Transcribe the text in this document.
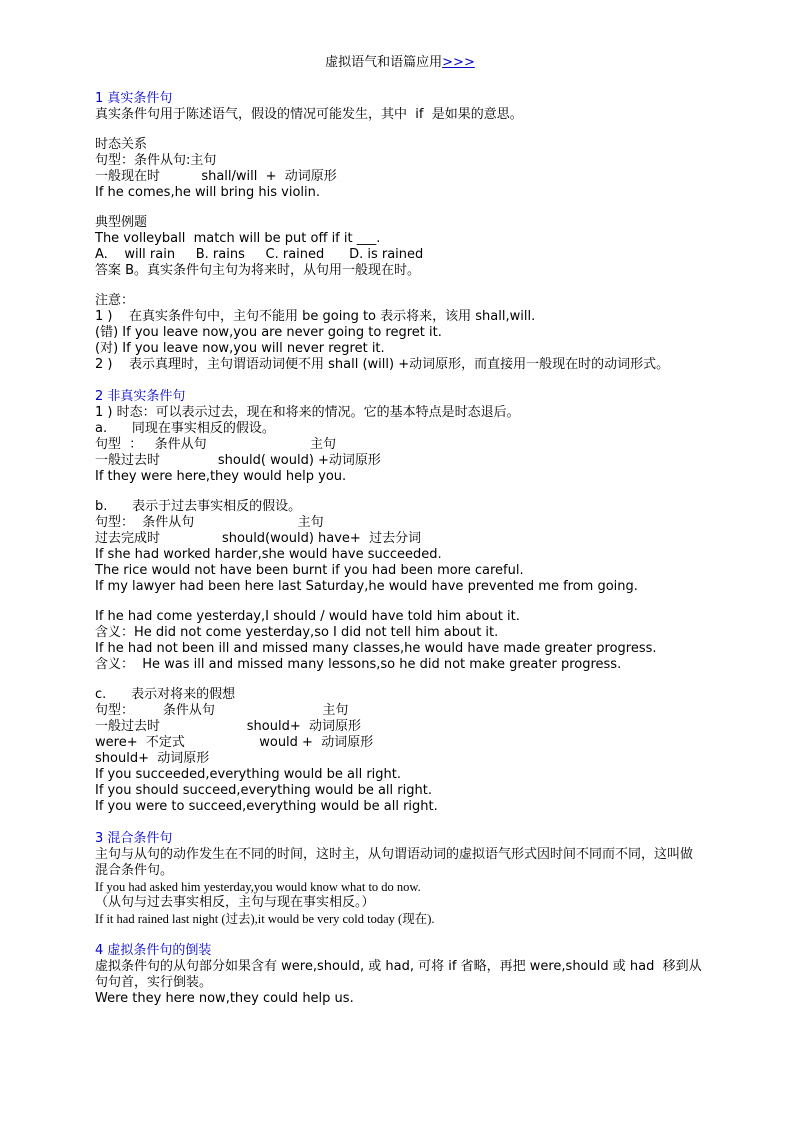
虚拟语气和语篇应用>>>
1 真实条件句
真实条件句用于陈述语气，假设的情况可能发生，其中  if  是如果的意思。
时态关系
句型：条件从句:主句
一般现在时          shall/will  +  动词原形
If he comes,he will bring his violin.
典型例题
The volleyball  match will be put off if it ___.
A.    will rain     B. rains     C. rained      D. is rained
答案 B。真实条件句主句为将来时，从句用一般现在时。
注意：
1 )    在真实条件句中，主句不能用 be going to 表示将来，该用 shall,will.
(错) If you leave now,you are never going to regret it.
(对) If you leave now,you will never regret it.
2 )    表示真理时，主句谓语动词便不用 shall (will) +动词原形，而直接用一般现在时的动词形式。
2 非真实条件句
1 ) 时态：可以表示过去，现在和将来的情况。它的基本特点是时态退后。
a.      同现在事实相反的假设。
句型  ：   条件从句                         主句
一般过去时              should( would) +动词原形
If they were here,they would help you.
b.      表示于过去事实相反的假设。
句型：  条件从句                         主句
过去完成时               should(would) have+  过去分词
If she had worked harder,she would have succeeded.
The rice would not have been burnt if you had been more careful.
If my lawyer had been here last Saturday,he would have prevented me from going.
If he had come yesterday,I should / would have told him about it.
含义：He did not come yesterday,so I did not tell him about it.
If he had not been ill and missed many classes,he would have made greater progress.
含义：  He was ill and missed many lessons,so he did not make greater progress.
c.      表示对将来的假想
句型：       条件从句                          主句
一般过去时                     should+  动词原形
were+  不定式                  would +  动词原形
should+  动词原形
If you succeeded,everything would be all right.
If you should succeed,everything would be all right.
If you were to succeed,everything would be all right.
3 混合条件句
主句与从句的动作发生在不同的时间，这时主，从句谓语动词的虚拟语气形式因时间不同而不同，这叫做混合条件句。
If you had asked him yesterday,you would know what to do now.
（从句与过去事实相反，主句与现在事实相反。）
If it had rained last night (过去),it would be very cold today (现在).
4 虚拟条件句的倒装
虚拟条件句的从句部分如果含有 were,should, 或 had, 可将 if 省略，再把 were,should 或 had  移到从句句首，实行倒装。
Were they here now,they could help us.
